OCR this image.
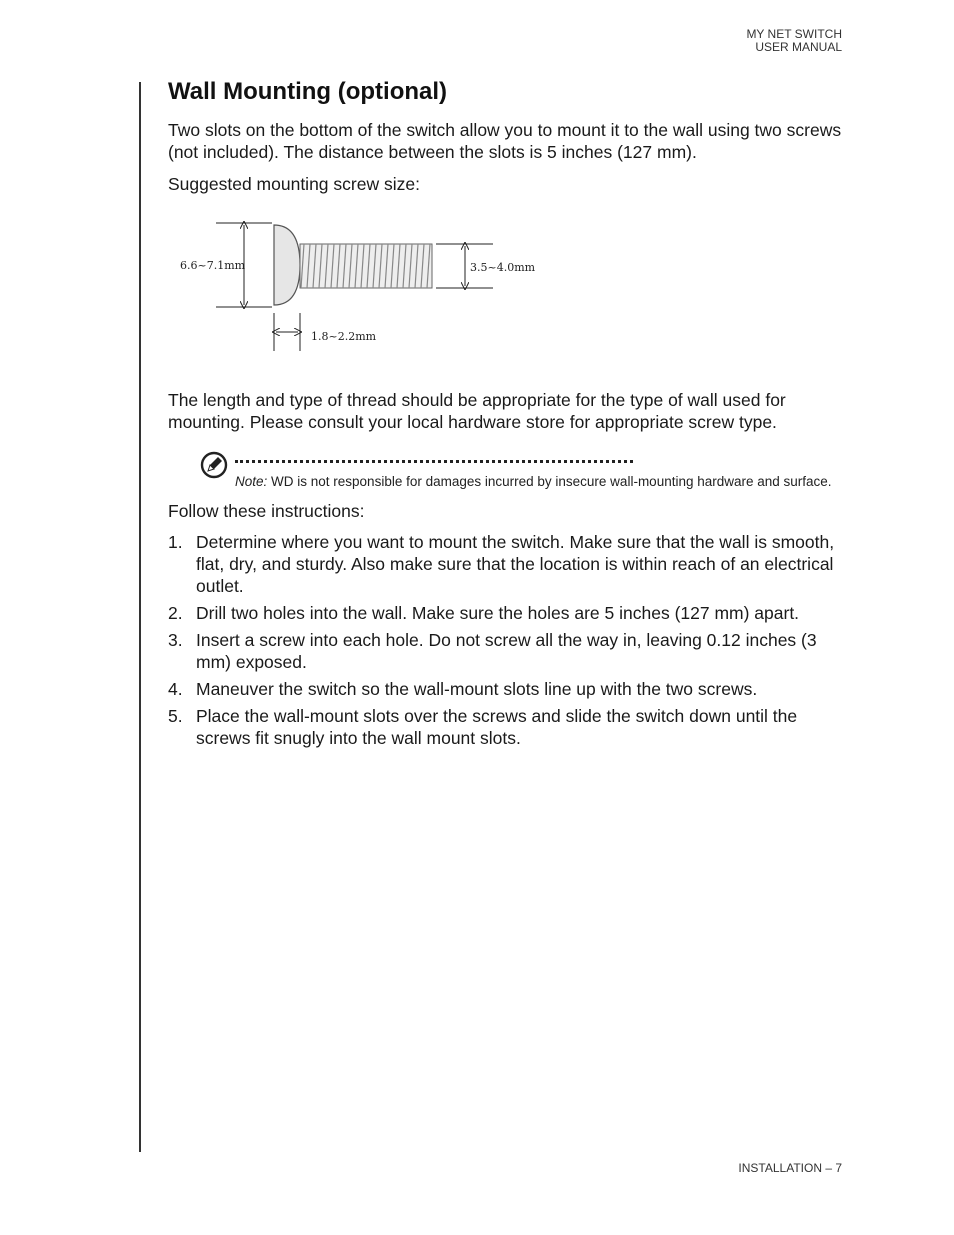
MY NET SWITCH
USER MANUAL
Wall Mounting (optional)

Two slots on the bottom of the switch allow you to mount it to the wall using two screws (not included). The distance between the slots is 5 inches (127 mm).

Suggested mounting screw size:

6.6~7.1mm	3.5~4.0mm
1.8~2.2mm

The length and type of thread should be appropriate for the type of wall used for mounting. Please consult your local hardware store for appropriate screw type.

Note: WD is not responsible for damages incurred by insecure wall-mounting hardware and surface.

Follow these instructions:

1. Determine where you want to mount the switch. Make sure that the wall is smooth, flat, dry, and sturdy. Also make sure that the location is within reach of an electrical outlet.
2. Drill two holes into the wall. Make sure the holes are 5 inches (127 mm) apart.
3. Insert a screw into each hole. Do not screw all the way in, leaving 0.12 inches (3 mm) exposed.
4. Maneuver the switch so the wall-mount slots line up with the two screws.
5. Place the wall-mount slots over the screws and slide the switch down until the screws fit snugly into the wall mount slots.
INSTALLATION – 7
